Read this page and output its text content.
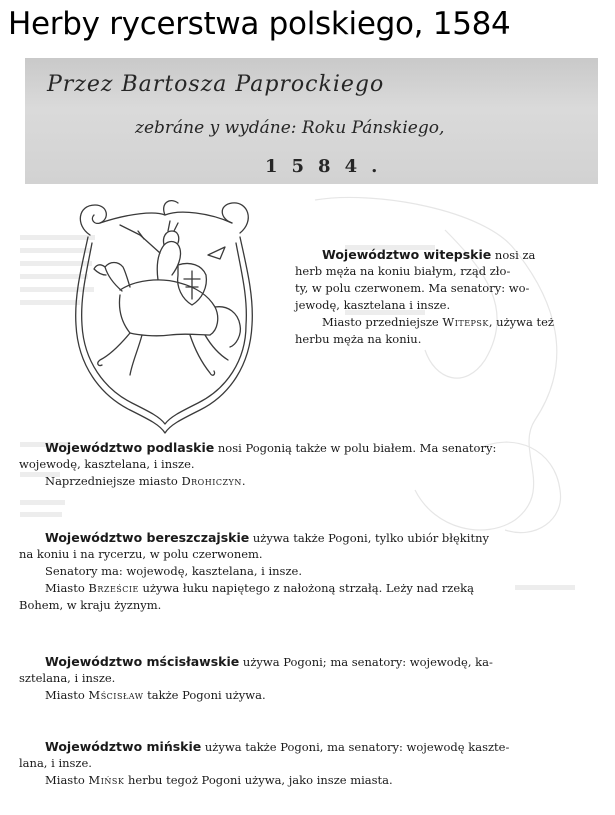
Herby rycerstwa polskiego, 1584
Przez Bartosza Paprockiego
zebráne y wydáne: Roku Pánskiego,
1584.
Województwo witepskie nosi za
herb męża na koniu białym, rząd zło-
ty, w polu czerwonem. Ma senatory: wo-
jewodę, kasztelana i insze.
Miasto przedniejsze Witepsk, używa też
herbu męża na koniu.
Województwo podlaskie nosi Pogonią także w polu białem. Ma senatory:
wojewodę, kasztelana, i insze.
Naprzedniejsze miasto Drohiczyn.
Województwo bereszczajskie używa także Pogoni, tylko ubiór błękitny
na koniu i na rycerzu, w polu czerwonem.
Senatory ma: wojewodę, kasztelana, i insze.
Miasto Brzeście używa łuku napiętego z nałożoną strzałą. Leży nad rzeką
Bohem, w kraju żyznym.
Województwo mścisławskie używa Pogoni; ma senatory: wojewodę, ka-
sztelana, i insze.
Miasto Mścisław także Pogoni używa.
Województwo mińskie używa także Pogoni, ma senatory: wojewodę kaszte-
lana, i insze.
Miasto Mińsk herbu tegoż Pogoni używa, jako insze miasta.
